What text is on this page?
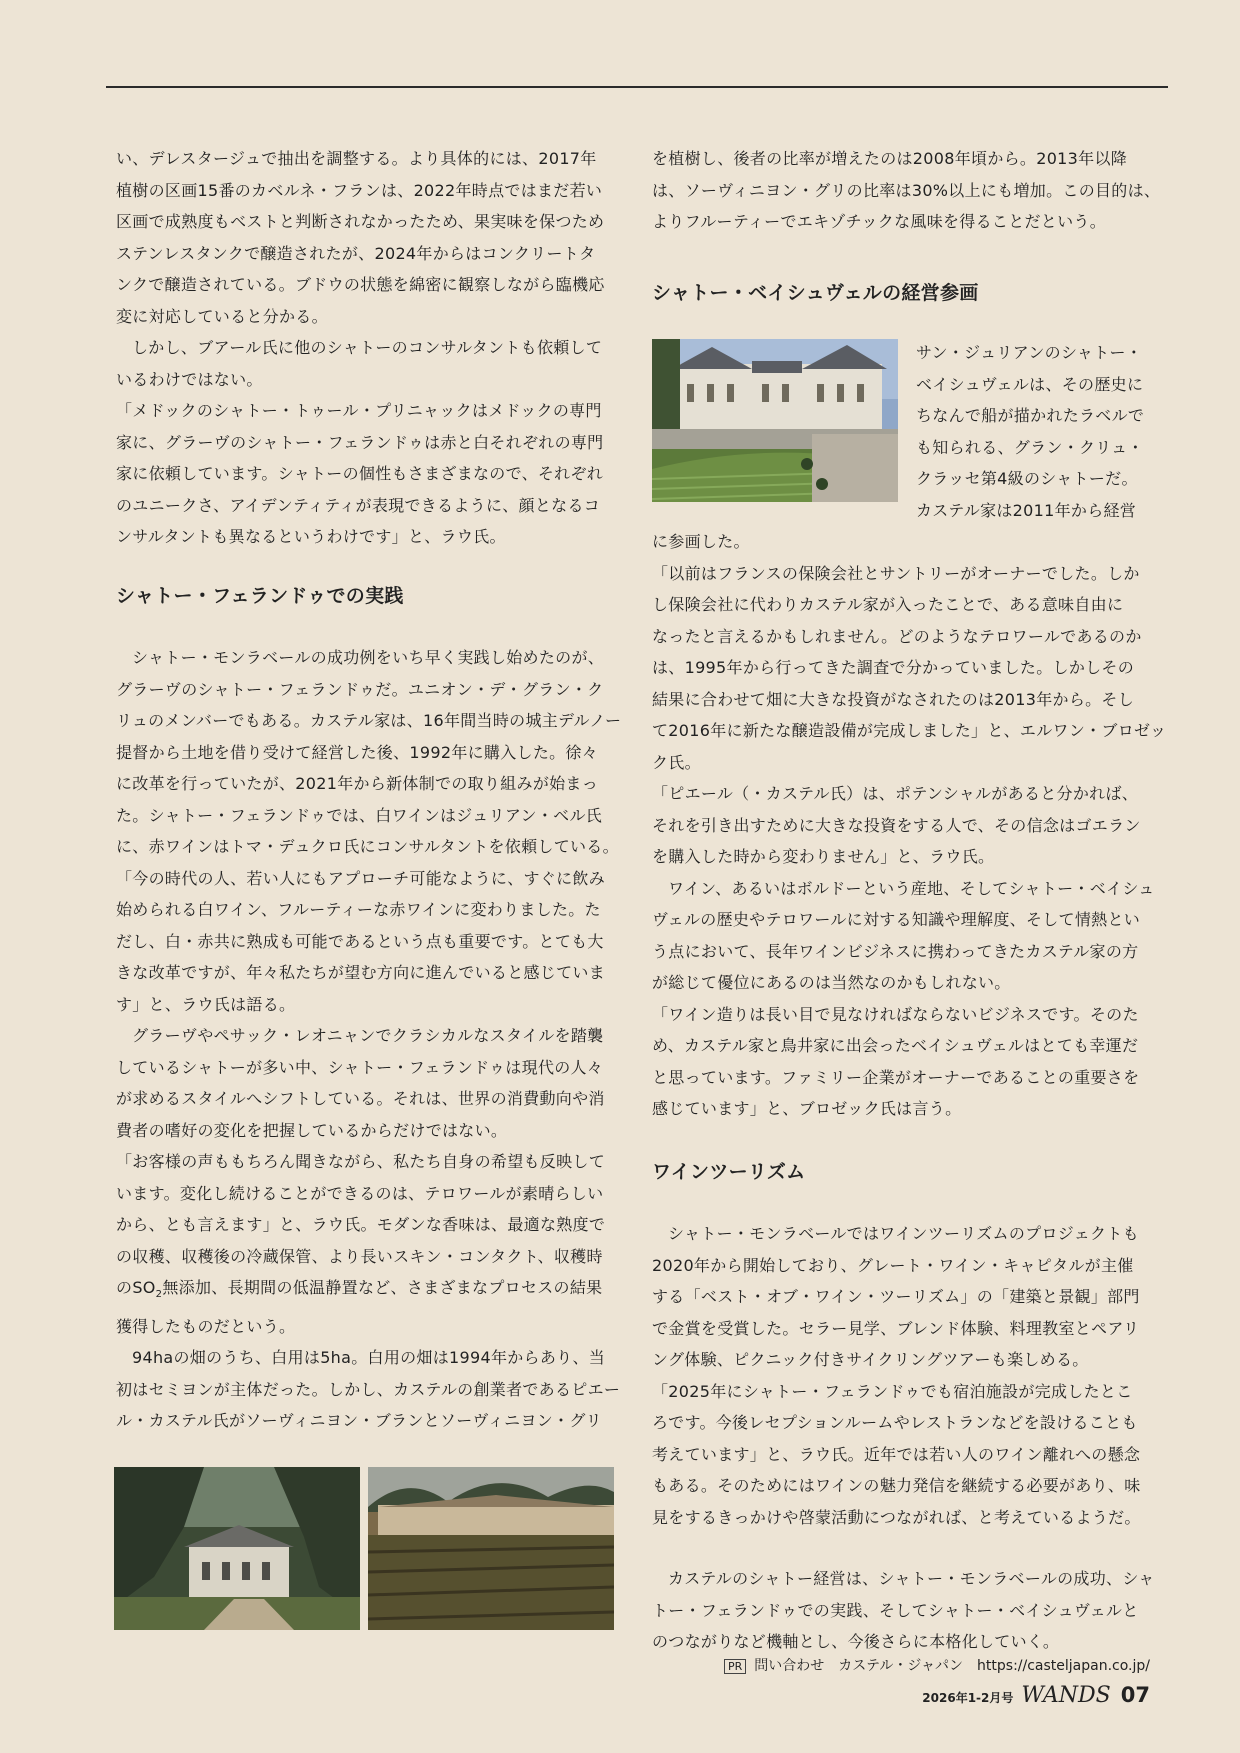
い、デレスタージュで抽出を調整する。より具体的には、2017年

植樹の区画15番のカベルネ・フランは、2022年時点ではまだ若い

区画で成熟度もベストと判断されなかったため、果実味を保つため

ステンレスタンクで醸造されたが、2024年からはコンクリートタ

ンクで醸造されている。ブドウの状態を綿密に観察しながら臨機応

変に対応していると分かる。

しかし、ブアール氏に他のシャトーのコンサルタントも依頼して

いるわけではない。

「メドックのシャトー・トゥール・プリニャックはメドックの専門

家に、グラーヴのシャトー・フェランドゥは赤と白それぞれの専門

家に依頼しています。シャトーの個性もさまざまなので、それぞれ

のユニークさ、アイデンティティが表現できるように、顔となるコ

ンサルタントも異なるというわけです」と、ラウ氏。

シャトー・フェランドゥでの実践

シャトー・モンラベールの成功例をいち早く実践し始めたのが、

グラーヴのシャトー・フェランドゥだ。ユニオン・デ・グラン・ク

リュのメンバーでもある。カステル家は、16年間当時の城主デルノー

提督から土地を借り受けて経営した後、1992年に購入した。徐々

に改革を行っていたが、2021年から新体制での取り組みが始まっ

た。シャトー・フェランドゥでは、白ワインはジュリアン・ベル氏

に、赤ワインはトマ・デュクロ氏にコンサルタントを依頼している。

「今の時代の人、若い人にもアプローチ可能なように、すぐに飲み

始められる白ワイン、フルーティーな赤ワインに変わりました。た

だし、白・赤共に熟成も可能であるという点も重要です。とても大

きな改革ですが、年々私たちが望む方向に進んでいると感じていま

す」と、ラウ氏は語る。

グラーヴやペサック・レオニャンでクラシカルなスタイルを踏襲

しているシャトーが多い中、シャトー・フェランドゥは現代の人々

が求めるスタイルへシフトしている。それは、世界の消費動向や消

費者の嗜好の変化を把握しているからだけではない。

「お客様の声ももちろん聞きながら、私たち自身の希望も反映して

います。変化し続けることができるのは、テロワールが素晴らしい

から、とも言えます」と、ラウ氏。モダンな香味は、最適な熟度で

の収穫、収穫後の冷蔵保管、より長いスキン・コンタクト、収穫時

の$SO_2$無添加、長期間の低温静置など、さまざまなプロセスの結果

獲得したものだという。

94haの畑のうち、白用は5ha。白用の畑は1994年からあり、当

初はセミヨンが主体だった。しかし、カステルの創業者であるピエー

ル・カステル氏がソーヴィニヨン・ブランとソーヴィニヨン・グリ

を植樹し、後者の比率が増えたのは2008年頃から。2013年以降

は、ソーヴィニヨン・グリの比率は30%以上にも増加。この目的は、

よりフルーティーでエキゾチックな風味を得ることだという。

シャトー・ベイシュヴェルの経営参画

サン・ジュリアンのシャトー・

ベイシュヴェルは、その歴史に

ちなんで船が描かれたラベルで

も知られる、グラン・クリュ・

クラッセ第4級のシャトーだ。

カステル家は2011年から経営

に参画した。

「以前はフランスの保険会社とサントリーがオーナーでした。しか

し保険会社に代わりカステル家が入ったことで、ある意味自由に

なったと言えるかもしれません。どのようなテロワールであるのか

は、1995年から行ってきた調査で分かっていました。しかしその

結果に合わせて畑に大きな投資がなされたのは2013年から。そし

て2016年に新たな醸造設備が完成しました」と、エルワン・ブロゼッ

ク氏。

「ピエール（・カステル氏）は、ポテンシャルがあると分かれば、

それを引き出すために大きな投資をする人で、その信念はゴエラン

を購入した時から変わりません」と、ラウ氏。

ワイン、あるいはボルドーという産地、そしてシャトー・ベイシュ

ヴェルの歴史やテロワールに対する知識や理解度、そして情熱とい

う点において、長年ワインビジネスに携わってきたカステル家の方

が総じて優位にあるのは当然なのかもしれない。

「ワイン造りは長い目で見なければならないビジネスです。そのた

め、カステル家と鳥井家に出会ったベイシュヴェルはとても幸運だ

と思っています。ファミリー企業がオーナーであることの重要さを

感じています」と、ブロゼック氏は言う。

ワインツーリズム

シャトー・モンラベールではワインツーリズムのプロジェクトも

2020年から開始しており、グレート・ワイン・キャピタルが主催

する「ベスト・オブ・ワイン・ツーリズム」の「建築と景観」部門

で金賞を受賞した。セラー見学、ブレンド体験、料理教室とペアリ

ング体験、ピクニック付きサイクリングツアーも楽しめる。

「2025年にシャトー・フェランドゥでも宿泊施設が完成したとこ

ろです。今後レセプションルームやレストランなどを設けることも

考えています」と、ラウ氏。近年では若い人のワイン離れへの懸念

もある。そのためにはワインの魅力発信を継続する必要があり、味

見をするきっかけや啓蒙活動につながれば、と考えているようだ。

カステルのシャトー経営は、シャトー・モンラベールの成功、シャ

トー・フェランドゥでの実践、そしてシャトー・ベイシュヴェルと

のつながりなど機軸とし、今後さらに本格化していく。

PR 問い合わせ　カステル・ジャパン　https://casteljapan.co.jp/
2026年1-2月号 WANDS 07
